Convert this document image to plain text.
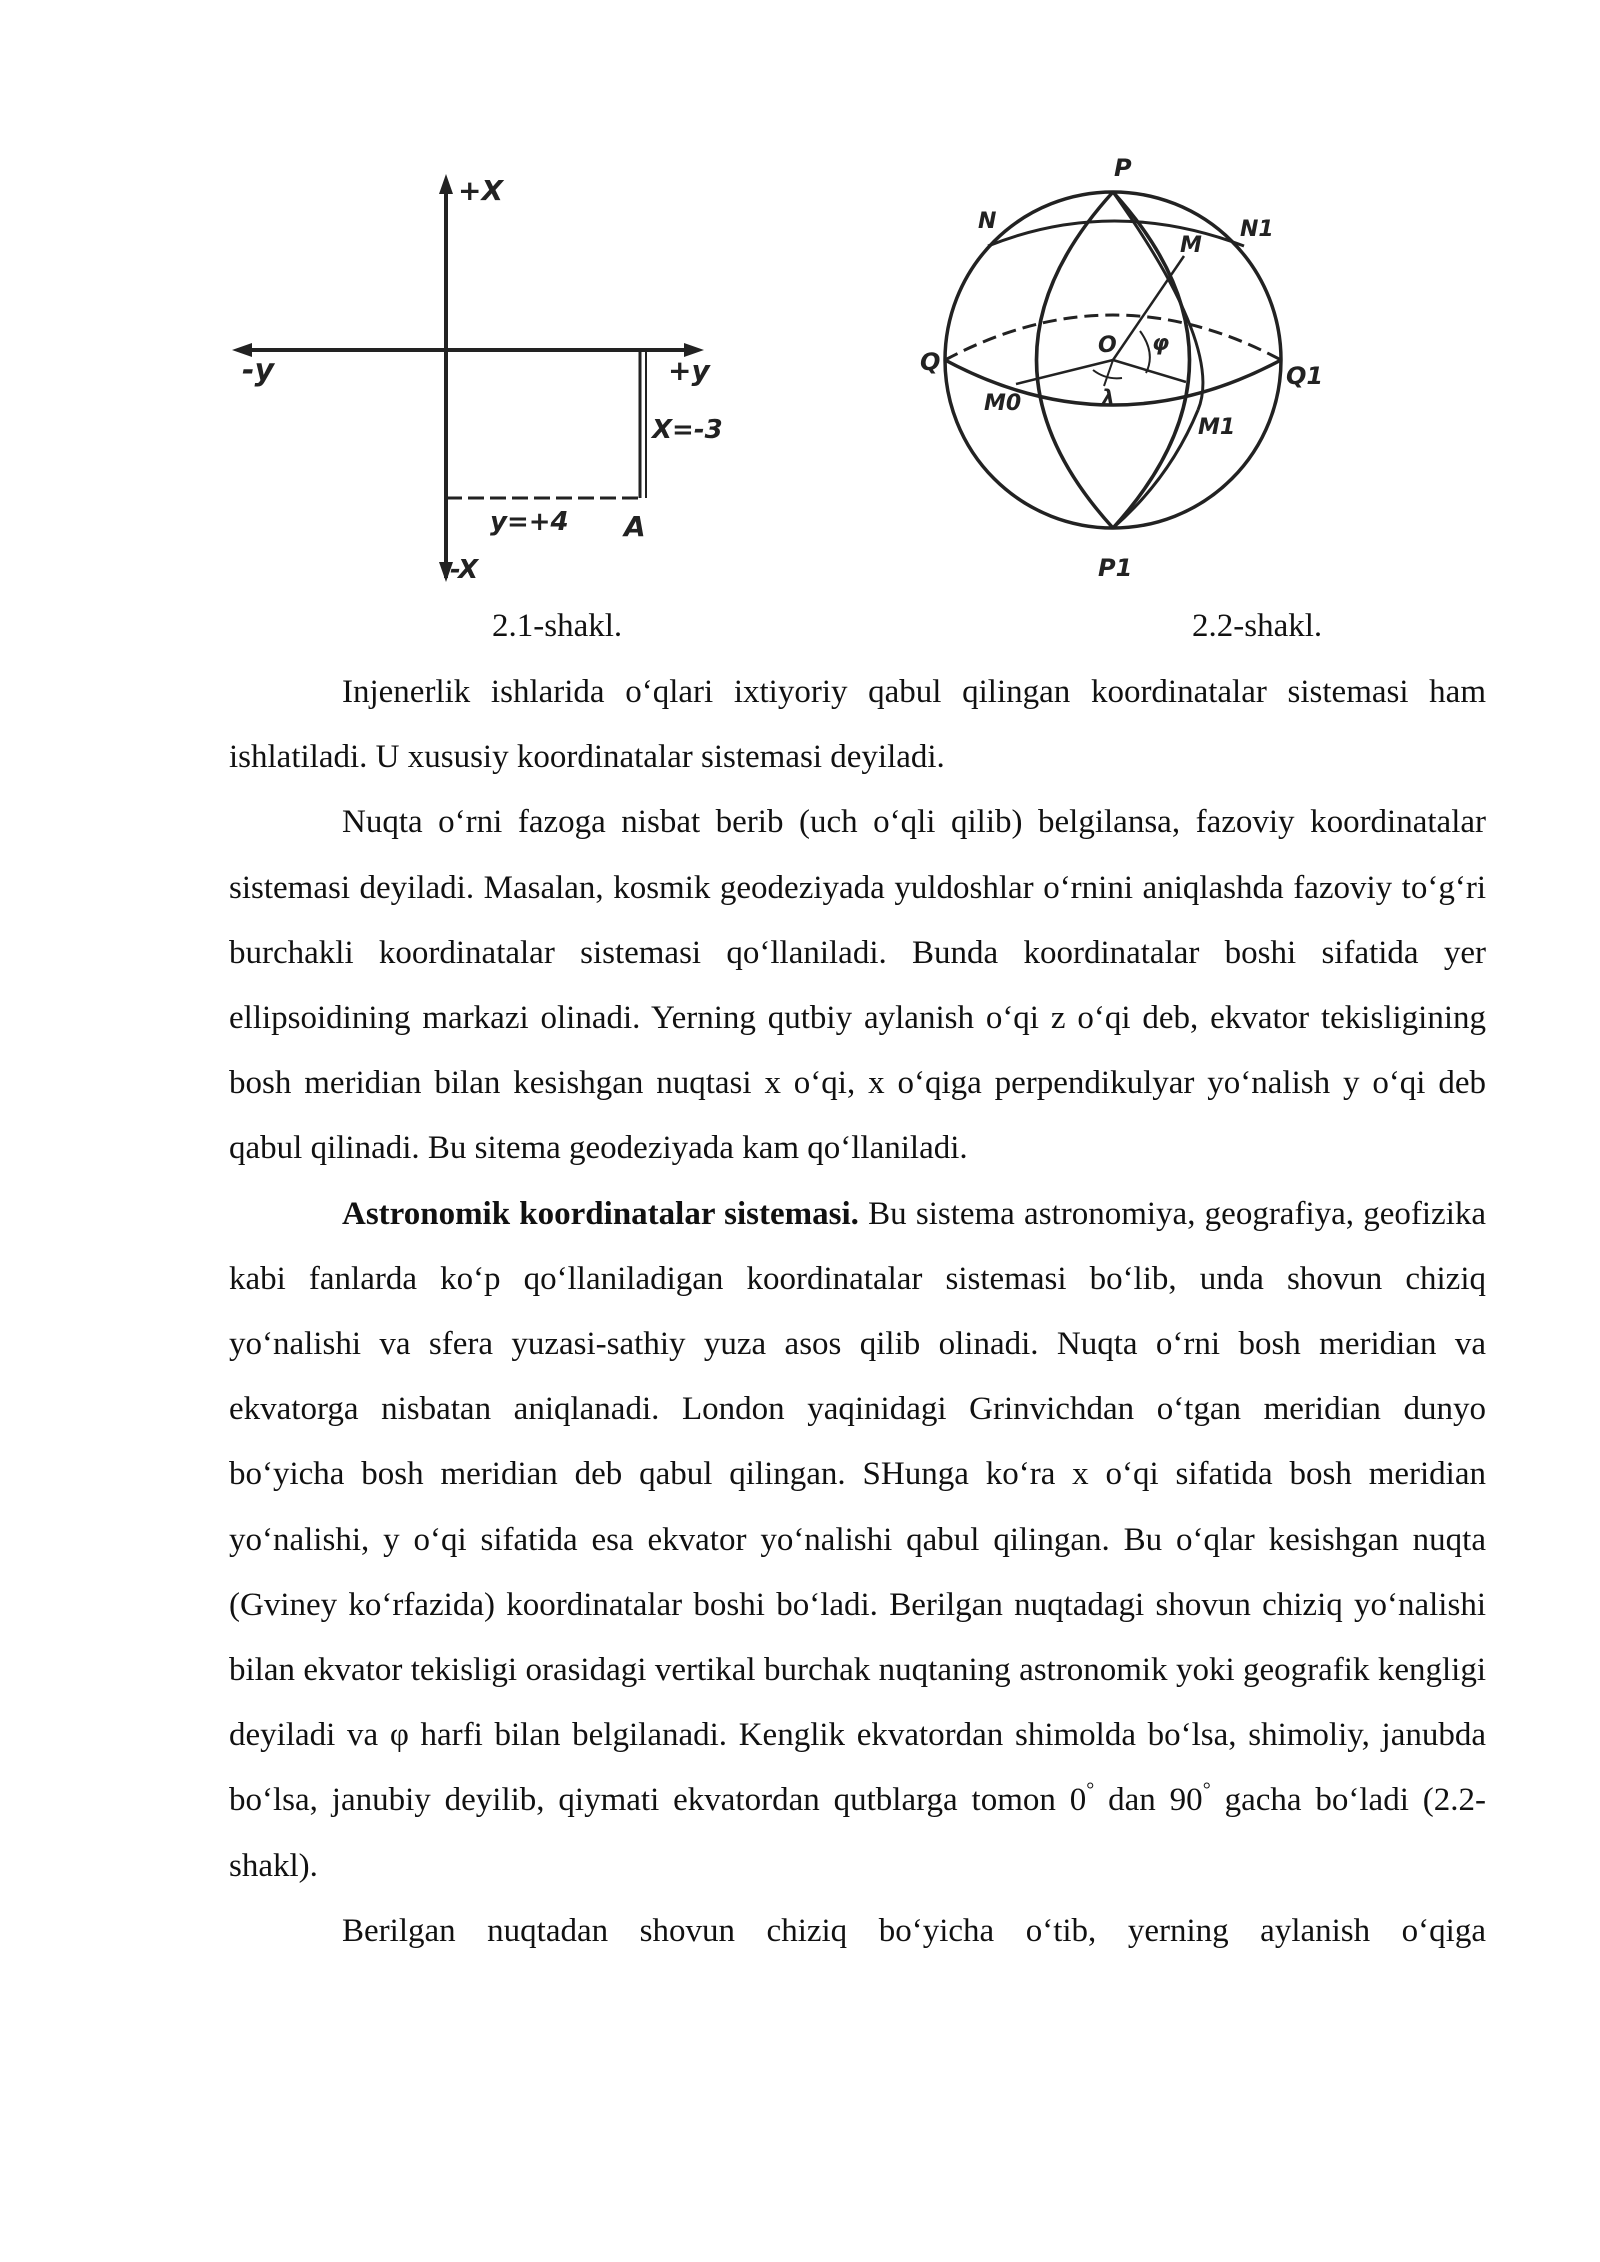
+X
-X
-y	+y
X=-3
y=+4 A
P
P1
N	N1
M
Q	Q1
O φ
λ
M0
M1
2.1-shakl.	2.2-shakl.

Injenerlik ishlarida o‘qlari ixtiyoriy qabul qilingan koordinatalar sistemasi ham ishlatiladi. U xususiy koordinatalar sistemasi deyiladi.

Nuqta o‘rni fazoga nisbat berib (uch o‘qli qilib) belgilansa, fazoviy koordinatalar sistemasi deyiladi. Masalan, kosmik geodeziyada yuldoshlar o‘rnini aniqlashda fazoviy to‘g‘ri burchakli koordinatalar sistemasi qo‘llaniladi. Bunda koordinatalar boshi sifatida yer ellipsoidining markazi olinadi. Yerning qutbiy aylanish o‘qi z o‘qi deb, ekvator tekisligining bosh meridian bilan kesishgan nuqtasi x o‘qi, x o‘qiga perpendikulyar yo‘nalish y o‘qi deb qabul qilinadi. Bu sitema geodeziyada kam qo‘llaniladi.

Astronomik koordinatalar sistemasi. Bu sistema astronomiya, geografiya, geofizika kabi fanlarda ko‘p qo‘llaniladigan koordinatalar sistemasi bo‘lib, unda shovun chiziq yo‘nalishi va sfera yuzasi-sathiy yuza asos qilib olinadi. Nuqta o‘rni bosh meridian va ekvatorga nisbatan aniqlanadi. London yaqinidagi Grinvichdan o‘tgan meridian dunyo bo‘yicha bosh meridian deb qabul qilingan. SHunga ko‘ra x o‘qi sifatida bosh meridian yo‘nalishi, y o‘qi sifatida esa ekvator yo‘nalishi qabul qilingan. Bu o‘qlar kesishgan nuqta (Gviney ko‘rfazida) koordinatalar boshi bo‘ladi. Berilgan nuqtadagi shovun chiziq yo‘nalishi bilan ekvator tekisligi orasidagi vertikal burchak nuqtaning astronomik yoki geografik kengligi deyiladi va φ harfi bilan belgilanadi. Kenglik ekvatordan shimolda bo‘lsa, shimoliy, janubda bo‘lsa, janubiy deyilib, qiymati ekvatordan qutblarga tomon 0° dan 90° gacha bo‘ladi (2.2-shakl).

Berilgan nuqtadan shovun chiziq bo‘yicha o‘tib, yerning aylanish o‘qiga
